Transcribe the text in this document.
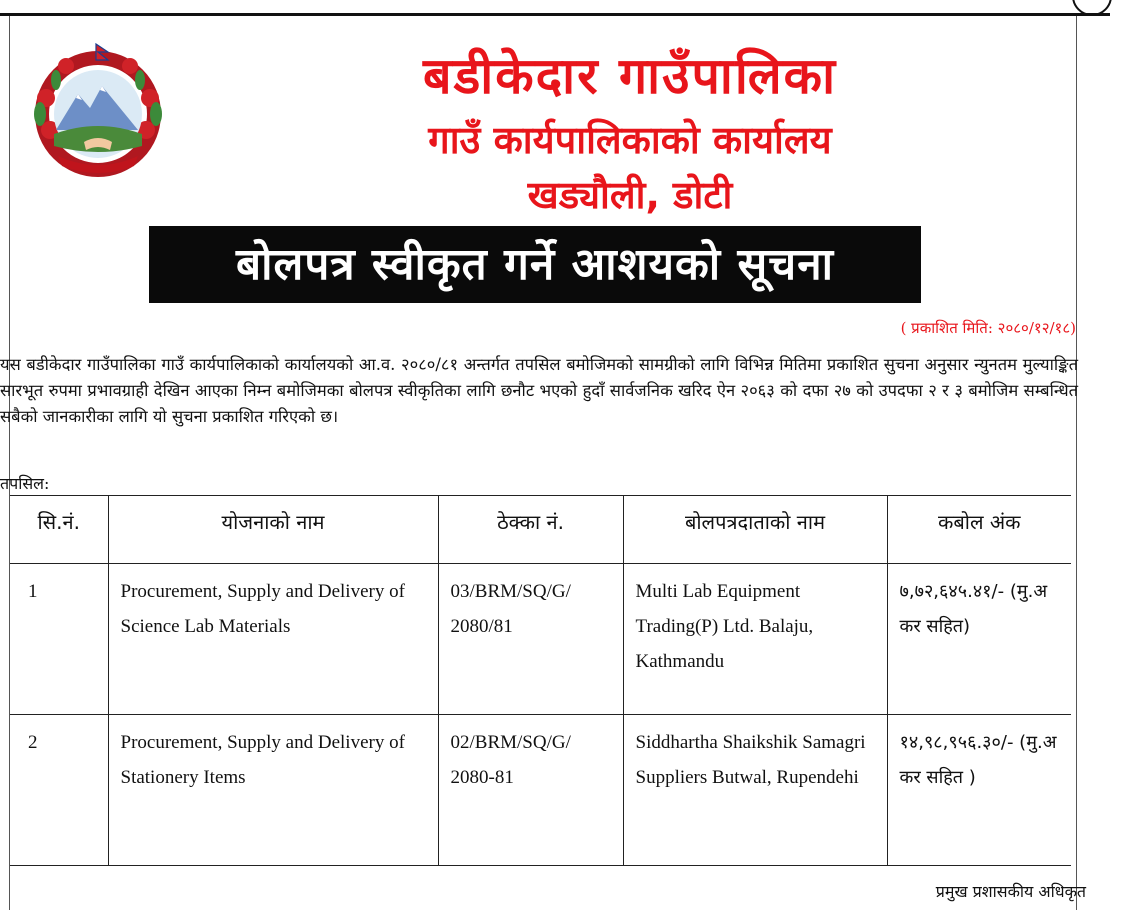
बडीकेदार गाउँपालिका
गाउँ कार्यपालिकाको कार्यालय
खड्यौली, डोटी
बोलपत्र स्वीकृत गर्ने आशयको सूचना
( प्रकाशित मिति: २०८०/१२/१८)
यस बडीकेदार गाउँपालिका गाउँ कार्यपालिकाको कार्यालयको आ.व. २०८०/८१ अन्तर्गत तपसिल बमोजिमको सामग्रीको लागि विभिन्न मितिमा प्रकाशित सुचना अनुसार न्युनतम मुल्याङ्कित सारभूत रुपमा प्रभावग्राही देखिन आएका निम्न बमोजिमका बोलपत्र स्वीकृतिका लागि छनौट भएको हुदाँ सार्वजनिक खरिद ऐन २०६३ को दफा २७ को उपदफा २ र ३ बमोजिम सम्बन्धित सबैको जानकारीका लागि यो सुचना प्रकाशित गरिएको छ।
तपसिल:
सि.नं.	योजनाको नाम	ठेक्का नं.	बोलपत्रदाताको नाम	कबोल अंक
1	Procurement, Supply and Delivery of Science Lab Materials	03/BRM/SQ/G/ 2080/81	Multi Lab Equipment Trading(P) Ltd. Balaju, Kathmandu	७,७२,६४५.४१/- (मु.अ कर सहित)
2	Procurement, Supply and Delivery of Stationery Items	02/BRM/SQ/G/ 2080-81	Siddhartha Shaikshik Samagri Suppliers Butwal, Rupendehi	१४,९८,९५६.३०/- (मु.अ कर सहित )
प्रमुख प्रशासकीय अधिकृत
